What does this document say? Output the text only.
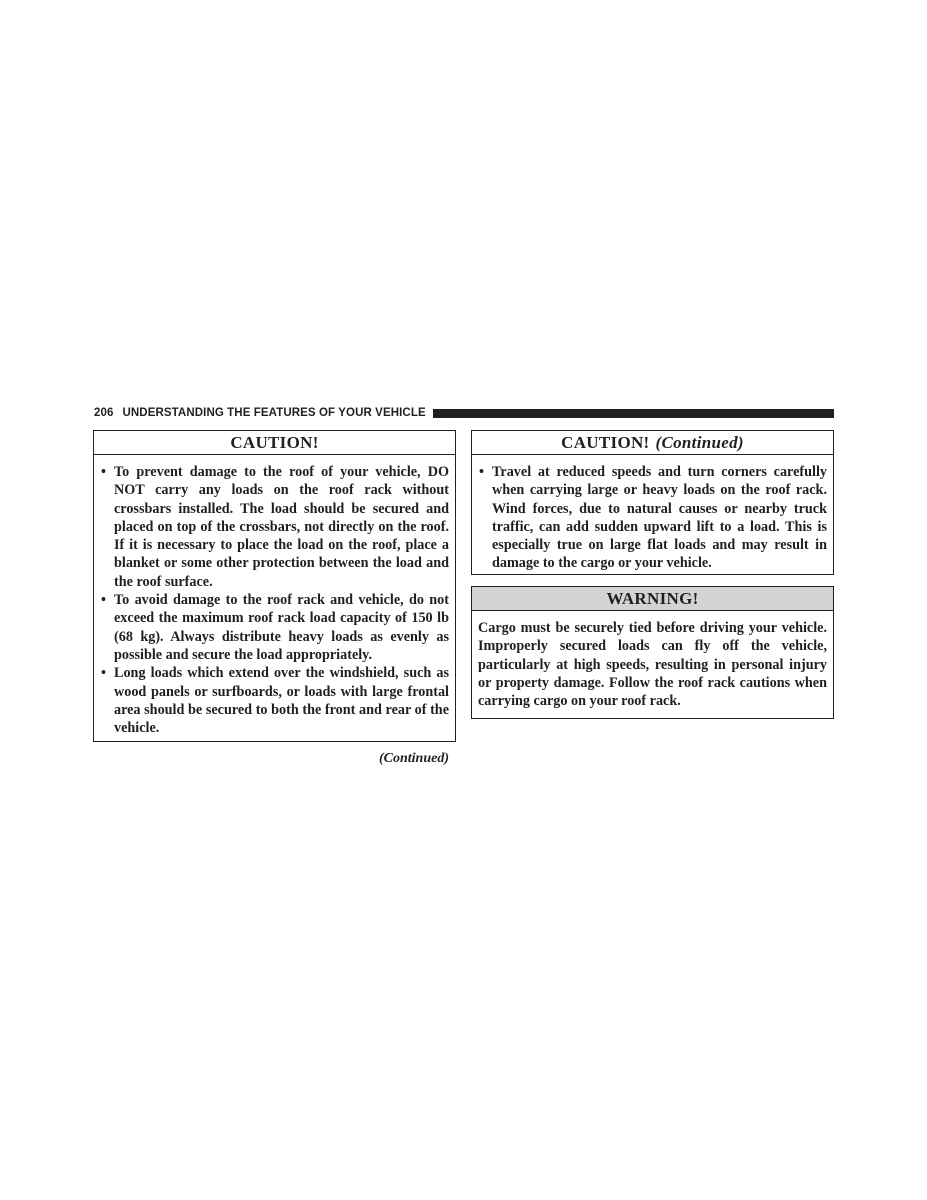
206 UNDERSTANDING THE FEATURES OF YOUR VEHICLE
CAUTION!
• To prevent damage to the roof of your vehicle, DO NOT carry any loads on the roof rack without crossbars installed. The load should be secured and placed on top of the crossbars, not directly on the roof. If it is necessary to place the load on the roof, place a blanket or some other protection between the load and the roof surface.
• To avoid damage to the roof rack and vehicle, do not exceed the maximum roof rack load capacity of 150 lb (68 kg). Always distribute heavy loads as evenly as possible and secure the load appropriately.
• Long loads which extend over the windshield, such as wood panels or surfboards, or loads with large frontal area should be secured to both the front and rear of the vehicle.
(Continued)
CAUTION! (Continued)
• Travel at reduced speeds and turn corners carefully when carrying large or heavy loads on the roof rack. Wind forces, due to natural causes or nearby truck traffic, can add sudden upward lift to a load. This is especially true on large flat loads and may result in damage to the cargo or your vehicle.
WARNING!

Cargo must be securely tied before driving your vehicle. Improperly secured loads can fly off the vehicle, particularly at high speeds, resulting in personal injury or property damage. Follow the roof rack cautions when carrying cargo on your roof rack.
